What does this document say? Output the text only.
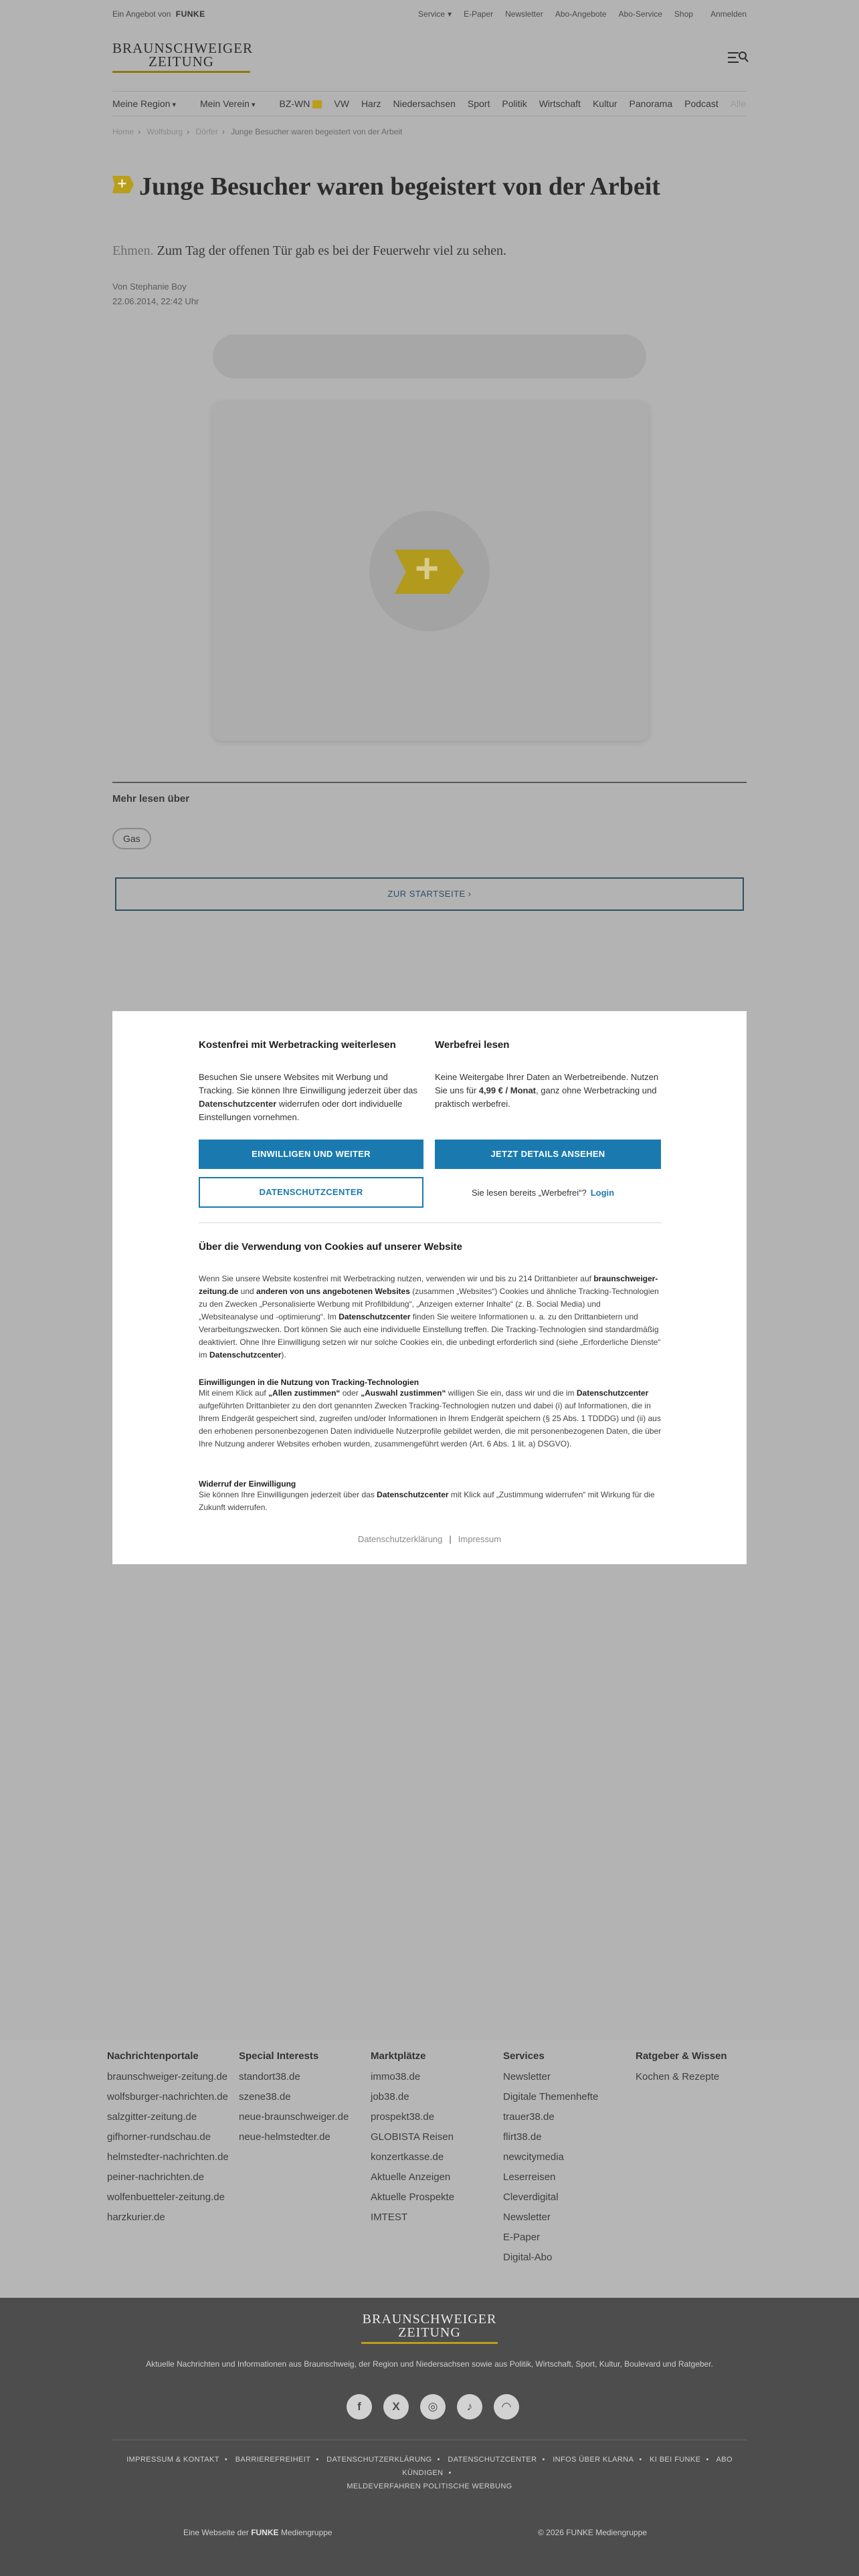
Ein Angebot von FUNKE	Service ▾ E-Paper Newsletter Abo-Angebote Abo-Service Shop Anmelden
BRAUNSCHWEIGER
ZEITUNG
Meine Region ▾	Mein Verein ▾	BZ-WN	VW Harz Niedersachsen Sport Politik Wirtschaft Kultur Panorama Podcast Alle
Home › Wolfsburg › Dörfer › Junge Besucher waren begeistert von der Arbeit
+Junge Besucher waren begeistert von der Arbeit
Ehmen. Zum Tag der offenen Tür gab es bei der Feuerwehr viel zu sehen.
Von Stephanie Boy
22.06.2014, 22:42 Uhr
+
Mehr lesen über
Gas
ZUR STARTSEITE ›
Kostenfrei mit Werbetracking weiterlesen
Besuchen Sie unsere Websites mit Werbung und Tracking. Sie können Ihre Einwilligung jederzeit über das Datenschutzcenter widerrufen oder dort individuelle Einstellungen vornehmen.
Werbefrei lesen
Keine Weitergabe Ihrer Daten an Werbetreibende. Nutzen Sie uns für 4,99 € / Monat, ganz ohne Werbetracking und praktisch werbefrei.
EINWILLIGEN UND WEITER	JETZT DETAILS ANSEHEN
DATENSCHUTZCENTER	Sie lesen bereits „Werbefrei“? Login
Über die Verwendung von Cookies auf unserer Website

Wenn Sie unsere Website kostenfrei mit Werbetracking nutzen, verwenden wir und bis zu 214 Drittanbieter auf braunschweiger-zeitung.de und anderen von uns angebotenen Websites (zusammen „Websites“) Cookies und ähnliche Tracking-Technologien zu den Zwecken „Personalisierte Werbung mit Profilbildung“, „Anzeigen externer Inhalte“ (z. B. Social Media) und „Websiteanalyse und -optimierung“. Im Datenschutzcenter finden Sie weitere Informationen u. a. zu den Drittanbietern und Verarbeitungszwecken. Dort können Sie auch eine individuelle Einstellung treffen. Die Tracking-Technologien sind standardmäßig deaktiviert. Ohne Ihre Einwilligung setzen wir nur solche Cookies ein, die unbedingt erforderlich sind (siehe „Erforderliche Dienste“ im Datenschutzcenter).

Einwilligungen in die Nutzung von Tracking-Technologien

Mit einem Klick auf „Allen zustimmen“ oder „Auswahl zustimmen“ willigen Sie ein, dass wir und die im Datenschutzcenter aufgeführten Drittanbieter zu den dort genannten Zwecken Tracking-Technologien nutzen und dabei (i) auf Informationen, die in Ihrem Endgerät gespeichert sind, zugreifen und/oder Informationen in Ihrem Endgerät speichern (§ 25 Abs. 1 TDDDG) und (ii) aus den erhobenen personenbezogenen Daten individuelle Nutzerprofile gebildet werden, die mit personenbezogenen Daten, die über Ihre Nutzung anderer Websites erhoben wurden, zusammengeführt werden (Art. 6 Abs. 1 lit. a) DSGVO).

Widerruf der Einwilligung

Sie können Ihre Einwilligungen jederzeit über das Datenschutzcenter mit Klick auf „Zustimmung widerrufen“ mit Wirkung für die Zukunft widerrufen.

Datenschutzerklärung | Impressum
Nachrichtenportale
braunschweiger-zeitung.de
wolfsburger-nachrichten.de
salzgitter-zeitung.de
gifhorner-rundschau.de
helmstedter-nachrichten.de
peiner-nachrichten.de
wolfenbuetteler-zeitung.de
harzkurier.de
Special Interests
standort38.de
szene38.de
neue-braunschweiger.de
neue-helmstedter.de
Marktplätze
immo38.de
job38.de
prospekt38.de
GLOBISTA Reisen
konzertkasse.de
Aktuelle Anzeigen
Aktuelle Prospekte
IMTEST
Services
Newsletter
Digitale Themenhefte
trauer38.de
flirt38.de
newcitymedia
Leserreisen
Cleverdigital
Newsletter
E-Paper
Digital-Abo
Ratgeber & Wissen
Kochen & Rezepte
BRAUNSCHWEIGER
ZEITUNG
Aktuelle Nachrichten und Informationen aus Braunschweig, der Region und Niedersachsen sowie aus Politik, Wirtschaft, Sport, Kultur, Boulevard und Ratgeber.
f	X	◎	♪	◠
IMPRESSUM & KONTAKT • BARRIEREFREIHEIT • DATENSCHUTZERKLÄRUNG • DATENSCHUTZCENTER • INFOS ÜBER KLARNA • KI BEI FUNKE • ABO KÜNDIGEN •
MELDEVERFAHREN POLITISCHE WERBUNG
Eine Webseite der FUNKE Mediengruppe	© 2026 FUNKE Mediengruppe
